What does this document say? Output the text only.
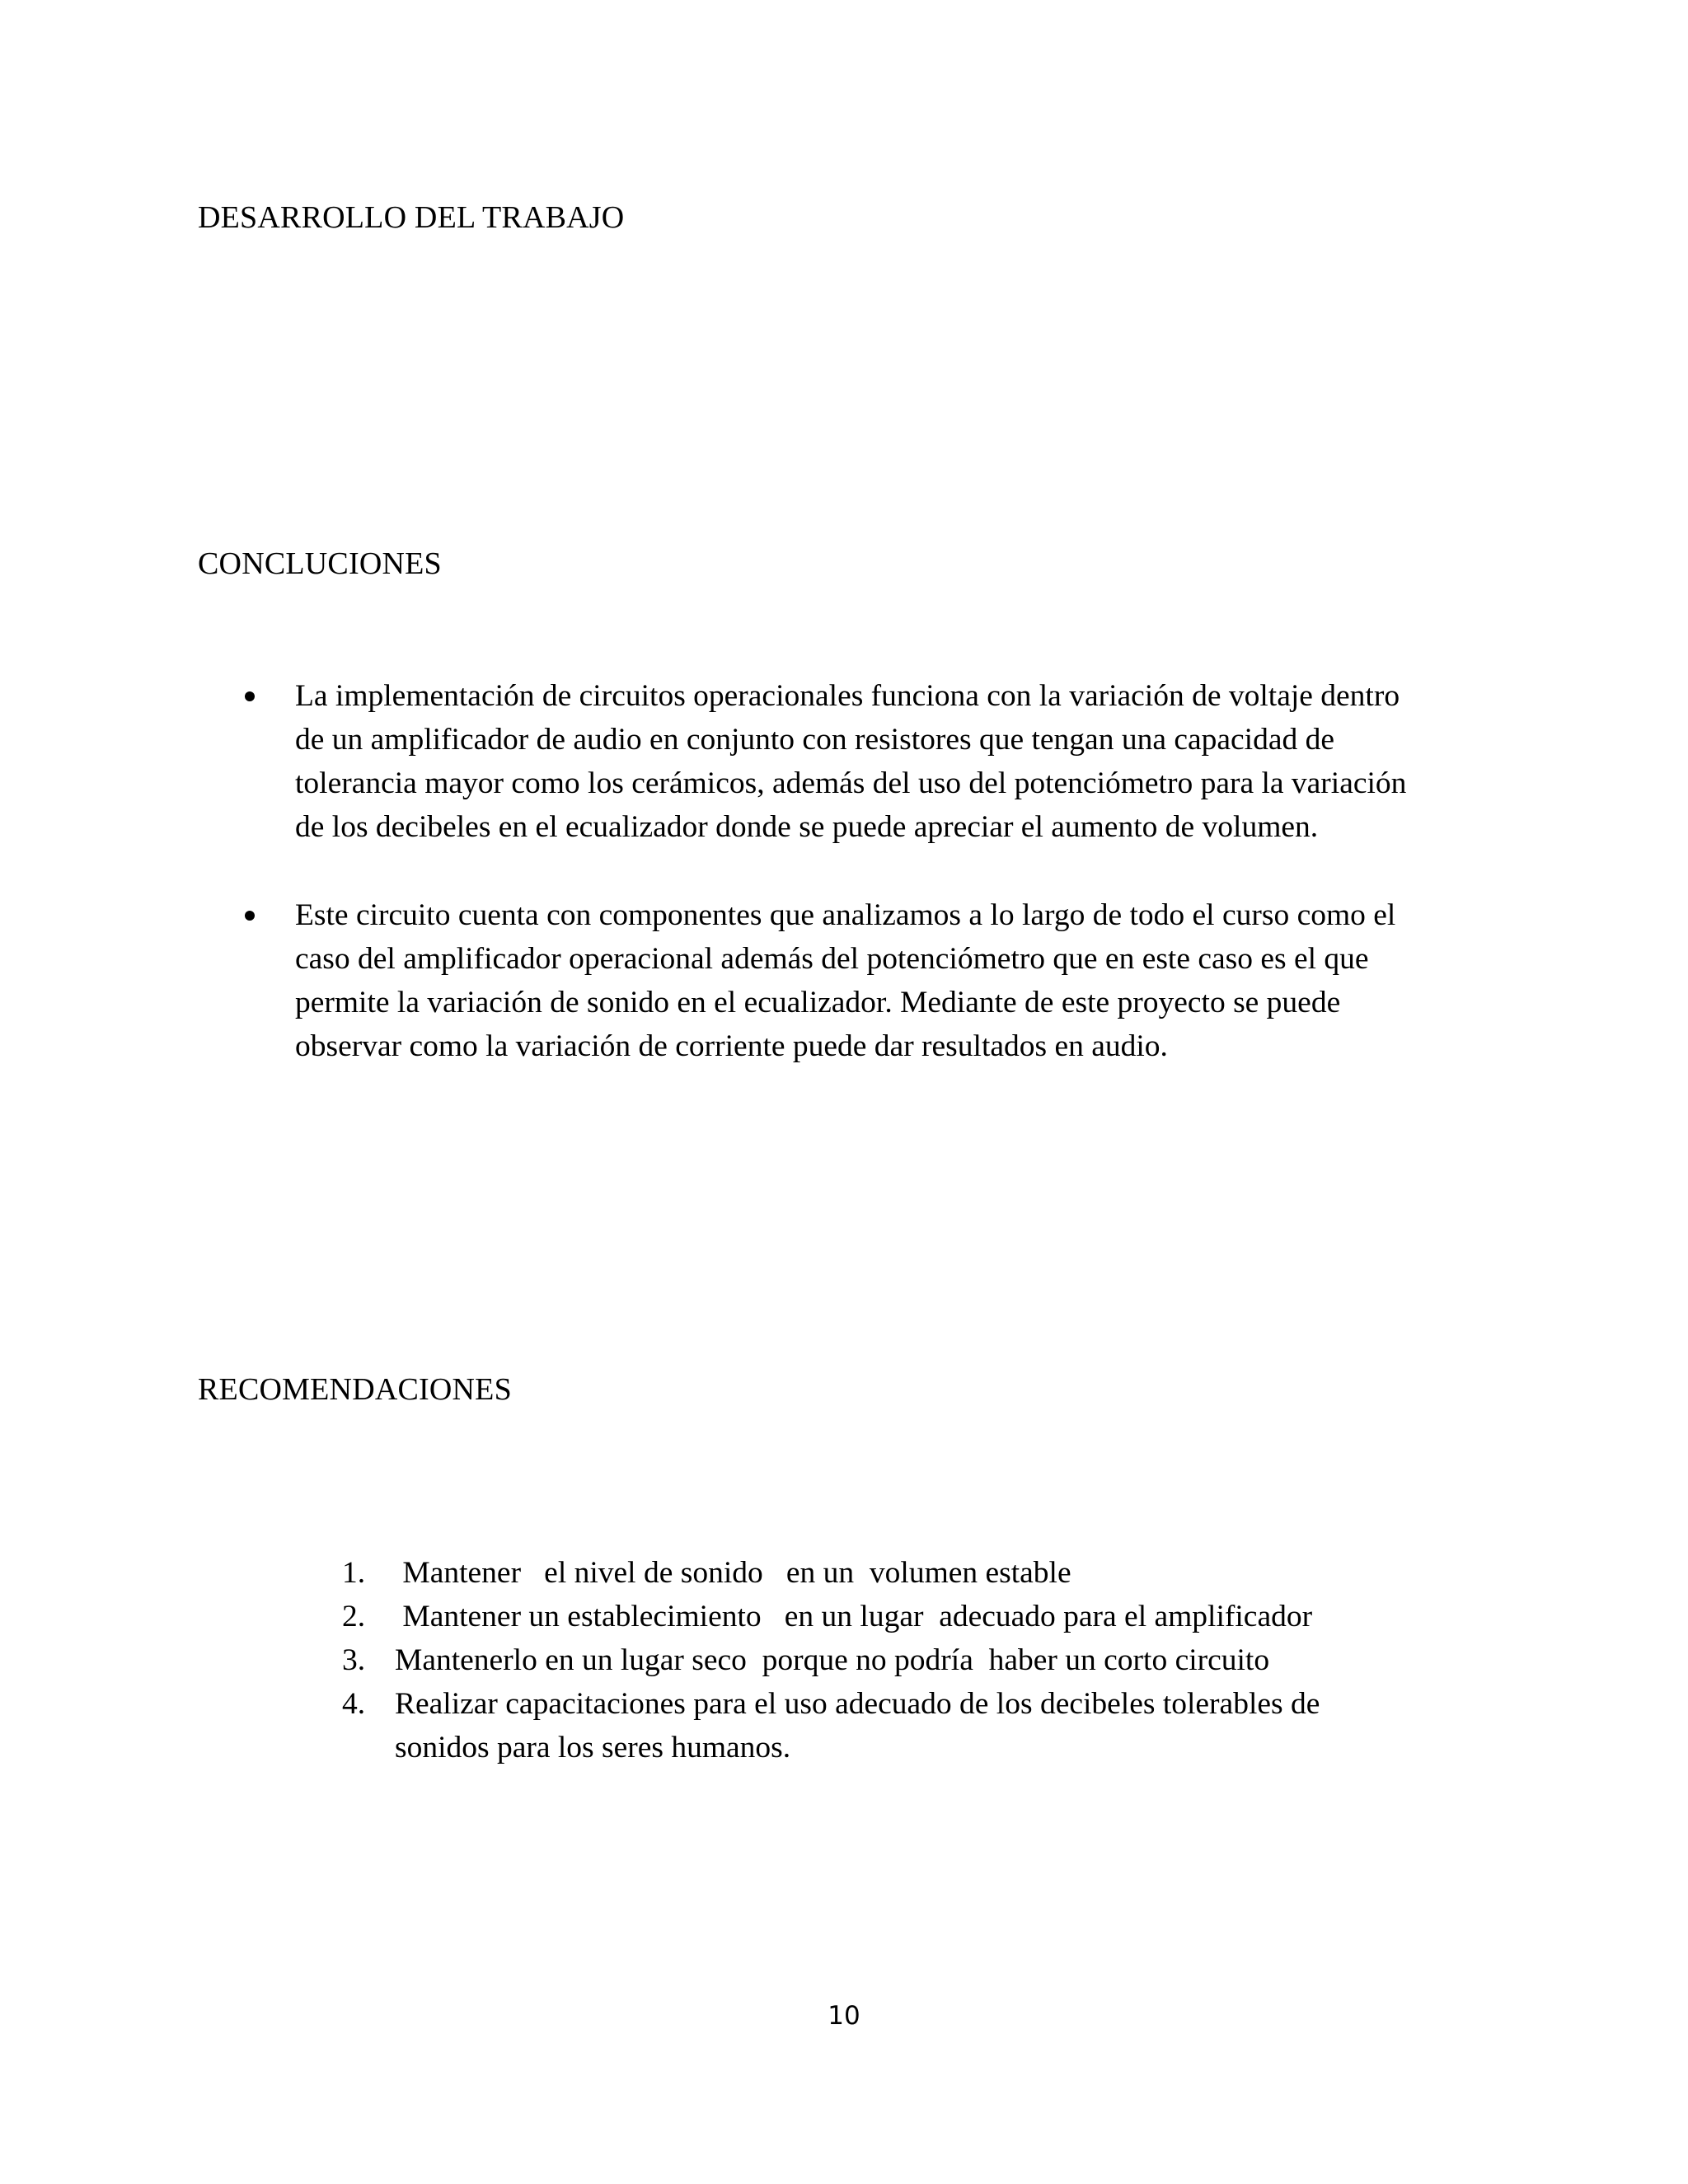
DESARROLLO DEL TRABAJO
CONCLUCIONES
La implementación de circuitos operacionales funciona con la variación de voltaje dentro
de un amplificador de audio en conjunto con resistores que tengan una capacidad de
tolerancia mayor como los cerámicos, además del uso del potenciómetro para la variación
de los decibeles en el ecualizador donde se puede apreciar el aumento de volumen.
Este circuito cuenta con componentes que analizamos a lo largo de todo el curso como el
caso del amplificador operacional además del potenciómetro que en este caso es el que
permite la variación de sonido en el ecualizador. Mediante de este proyecto se puede
observar como la variación de corriente puede dar resultados en audio.
RECOMENDACIONES
1. Mantener   el nivel de sonido   en un  volumen estable
2. Mantener un establecimiento   en un lugar  adecuado para el amplificador
3. Mantenerlo en un lugar seco  porque no podría  haber un corto circuito
4. Realizar capacitaciones para el uso adecuado de los decibeles tolerables de
sonidos para los seres humanos.
10
